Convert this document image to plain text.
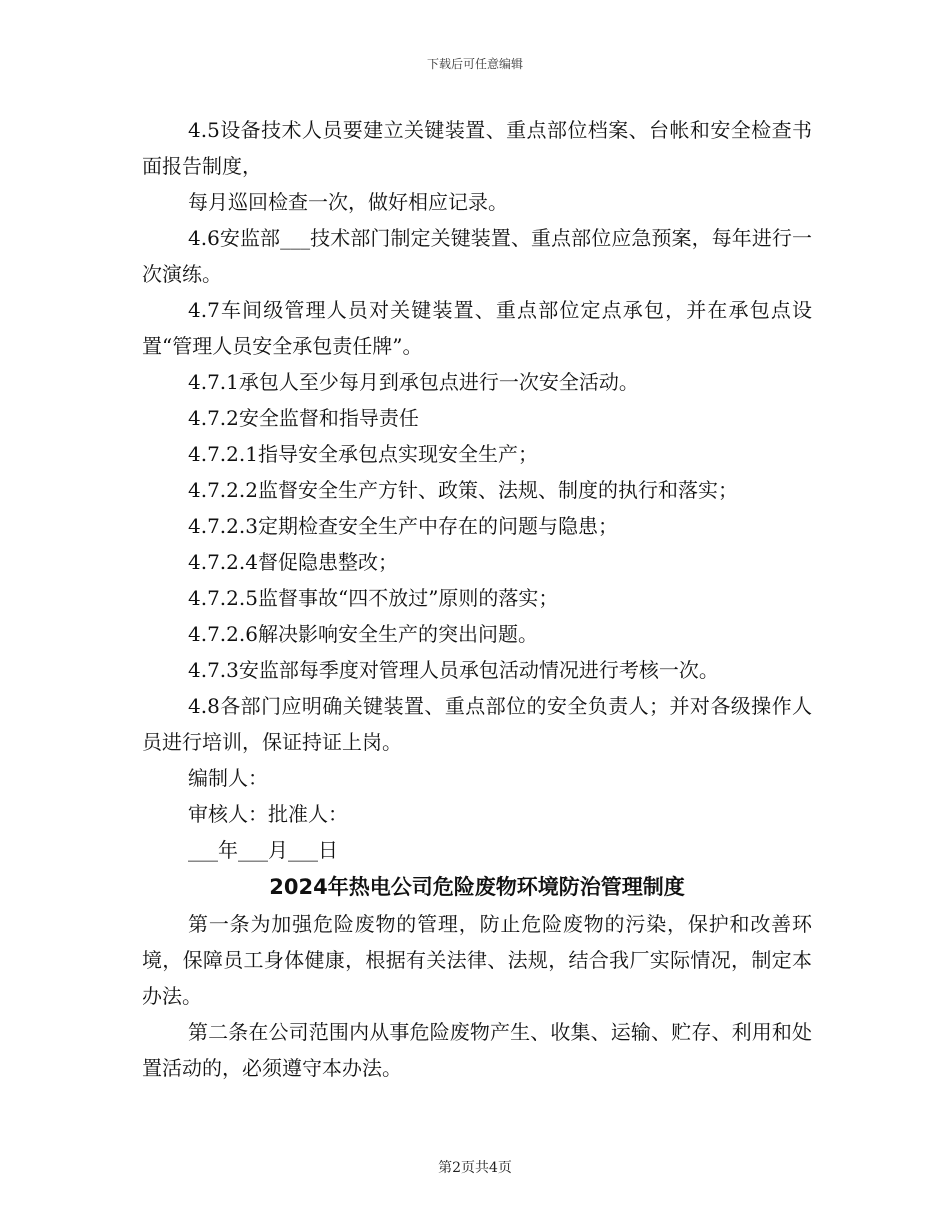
下载后可任意编辑

4.5设备技术人员要建立关键装置、重点部位档案、台帐和安全检查书面报告制度，

每月巡回检查一次，做好相应记录。

4.6安监部___技术部门制定关键装置、重点部位应急预案，每年进行一次演练。

4.7车间级管理人员对关键装置、重点部位定点承包，并在承包点设置“管理人员安全承包责任牌”。

4.7.1承包人至少每月到承包点进行一次安全活动。

4.7.2安全监督和指导责任

4.7.2.1指导安全承包点实现安全生产；

4.7.2.2监督安全生产方针、政策、法规、制度的执行和落实；

4.7.2.3定期检查安全生产中存在的问题与隐患；

4.7.2.4督促隐患整改；

4.7.2.5监督事故“四不放过”原则的落实；

4.7.2.6解决影响安全生产的突出问题。

4.7.3安监部每季度对管理人员承包活动情况进行考核一次。

4.8各部门应明确关键装置、重点部位的安全负责人；并对各级操作人员进行培训，保证持证上岗。

编制人：

审核人：批准人：

___年___月___日

2024年热电公司危险废物环境防治管理制度

第一条为加强危险废物的管理，防止危险废物的污染，保护和改善环境，保障员工身体健康，根据有关法律、法规，结合我厂实际情况，制定本办法。

第二条在公司范围内从事危险废物产生、收集、运输、贮存、利用和处置活动的，必须遵守本办法。

第2页共4页
